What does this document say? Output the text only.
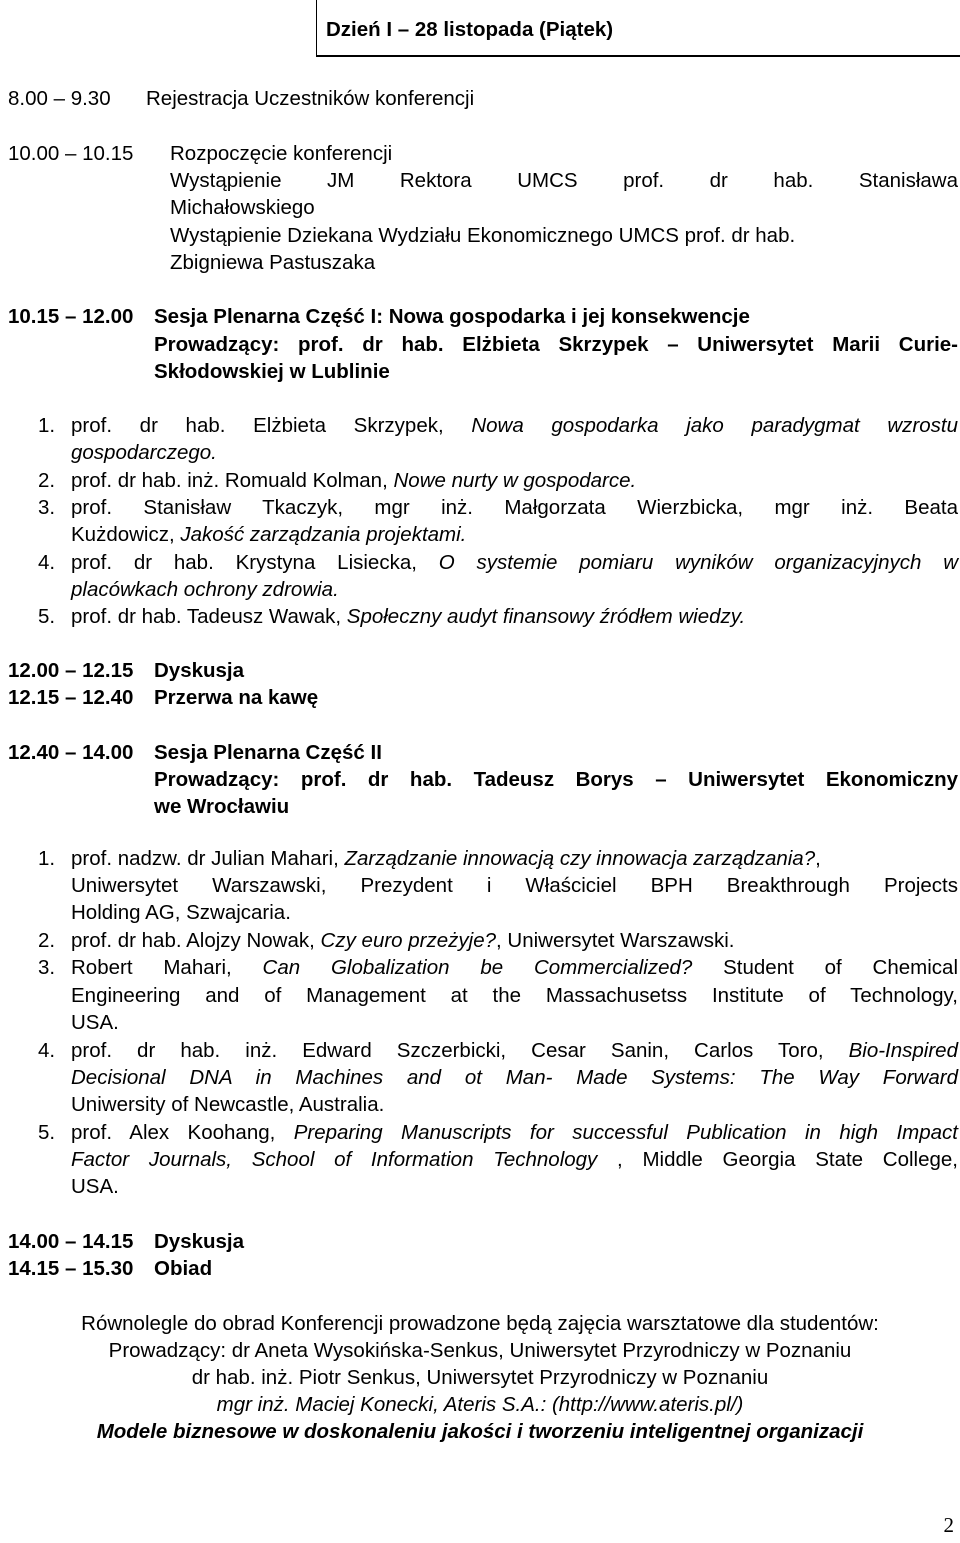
Dzień I – 28 listopada (Piątek)
8.00 – 9.30 Rejestracja Uczestników konferencji
10.00 – 10.15 Rozpoczęcie konferencji
Wystąpienie JM Rektora UMCS prof. dr hab. Stanisława
Michałowskiego
Wystąpienie Dziekana Wydziału Ekonomicznego UMCS prof. dr hab.
Zbigniewa Pastuszaka
10.15 – 12.00 Sesja Plenarna Część I: Nowa gospodarka i jej konsekwencje
Prowadzący: prof. dr hab. Elżbieta Skrzypek – Uniwersytet Marii Curie-
Skłodowskiej w Lublinie
1. prof. dr hab. Elżbieta Skrzypek, Nowa gospodarka jako paradygmat wzrostu
gospodarczego.
2. prof. dr hab. inż. Romuald Kolman, Nowe nurty w gospodarce.
3. prof. Stanisław Tkaczyk, mgr inż. Małgorzata Wierzbicka, mgr inż. Beata
Kużdowicz, Jakość zarządzania projektami.
4. prof. dr hab. Krystyna Lisiecka, O systemie pomiaru wyników organizacyjnych w
placówkach ochrony zdrowia.
5. prof. dr hab. Tadeusz Wawak, Społeczny audyt finansowy źródłem wiedzy.
12.00 – 12.15 Dyskusja
12.15 – 12.40 Przerwa na kawę
12.40 – 14.00 Sesja Plenarna Część II
Prowadzący: prof. dr hab. Tadeusz Borys – Uniwersytet Ekonomiczny
we Wrocławiu
1. prof. nadzw. dr Julian Mahari, Zarządzanie innowacją czy innowacja zarządzania?,
Uniwersytet Warszawski, Prezydent i Właściciel BPH Breakthrough Projects
Holding AG, Szwajcaria.
2. prof. dr hab. Alojzy Nowak, Czy euro przeżyje?, Uniwersytet Warszawski.
3. Robert Mahari, Can Globalization be Commercialized? Student of Chemical
Engineering and of Management at the Massachusetss Institute of Technology,
USA.
4. prof. dr hab. inż. Edward Szczerbicki, Cesar Sanin, Carlos Toro, Bio-Inspired
Decisional DNA in Machines and ot Man- Made Systems: The Way Forward
Uniwersity of Newcastle, Australia.
5. prof. Alex Koohang, Preparing Manuscripts for successful Publication in high Impact
Factor Journals, School of Information Technology , Middle Georgia State College,
USA.
14.00 – 14.15 Dyskusja
14.15 – 15.30 Obiad
Równolegle do obrad Konferencji prowadzone będą zajęcia warsztatowe dla studentów:
Prowadzący: dr Aneta Wysokińska-Senkus, Uniwersytet Przyrodniczy w Poznaniu
dr hab. inż. Piotr Senkus, Uniwersytet Przyrodniczy w Poznaniu
mgr inż. Maciej Konecki, Ateris S.A.: (http://www.ateris.pl/)
Modele biznesowe w doskonaleniu jakości i tworzeniu inteligentnej organizacji
2
